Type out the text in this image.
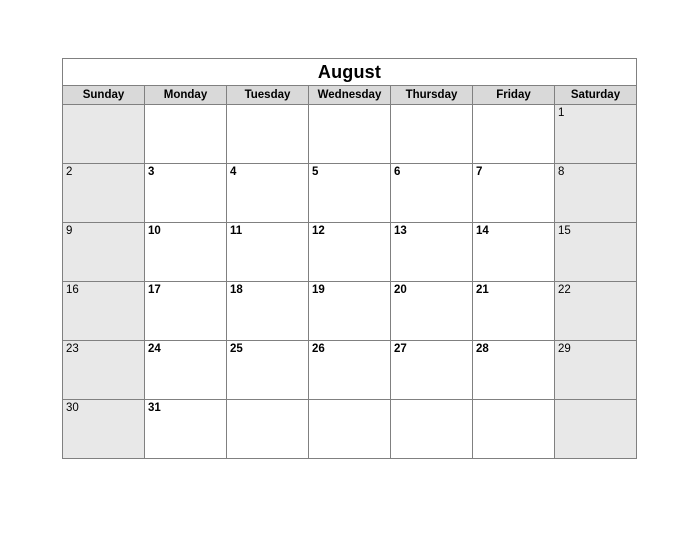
August						
Sunday	Monday	Tuesday	Wednesday	Thursday	Friday	Saturday

						1

2	3	4	5	6	7	8

9	10	11	12	13	14	15

16	17	18	19	20	21	22

23	24	25	26	27	28	29

30	31					
